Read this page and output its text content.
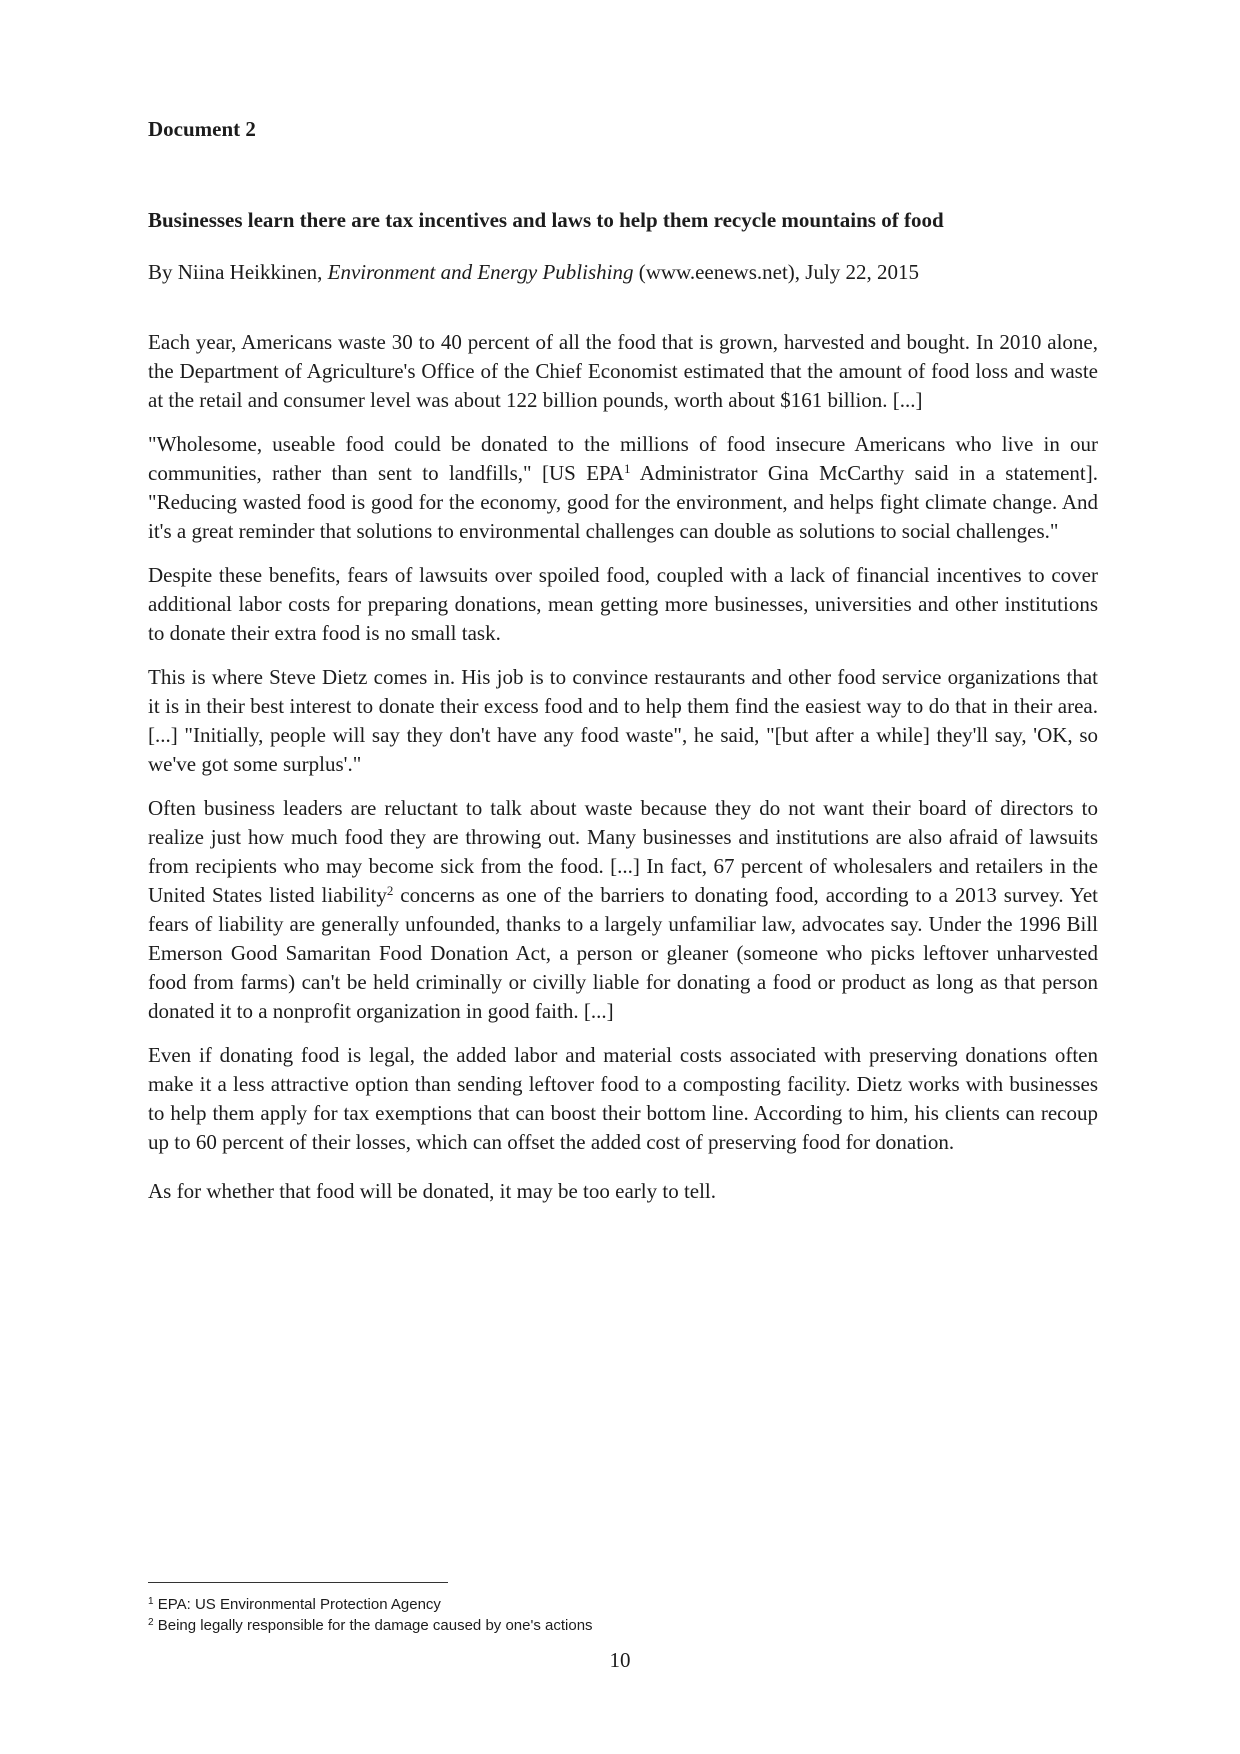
Document 2
Businesses learn there are tax incentives and laws to help them recycle mountains of food

By Niina Heikkinen, Environment and Energy Publishing (www.eenews.net), July 22, 2015

Each year, Americans waste 30 to 40 percent of all the food that is grown, harvested and bought. In 2010 alone, the Department of Agriculture's Office of the Chief Economist estimated that the amount of food loss and waste at the retail and consumer level was about 122 billion pounds, worth about $161 billion. [...]

"Wholesome, useable food could be donated to the millions of food insecure Americans who live in our communities, rather than sent to landfills," [US EPA$^1$ Administrator Gina McCarthy said in a statement]. "Reducing wasted food is good for the economy, good for the environment, and helps fight climate change. And it's a great reminder that solutions to environmental challenges can double as solutions to social challenges."

Despite these benefits, fears of lawsuits over spoiled food, coupled with a lack of financial incentives to cover additional labor costs for preparing donations, mean getting more businesses, universities and other institutions to donate their extra food is no small task.

This is where Steve Dietz comes in. His job is to convince restaurants and other food service organizations that it is in their best interest to donate their excess food and to help them find the easiest way to do that in their area. [...] "Initially, people will say they don't have any food waste", he said, "[but after a while] they'll say, 'OK, so we've got some surplus'."

Often business leaders are reluctant to talk about waste because they do not want their board of directors to realize just how much food they are throwing out. Many businesses and institutions are also afraid of lawsuits from recipients who may become sick from the food. [...] In fact, 67 percent of wholesalers and retailers in the United States listed liability$^2$ concerns as one of the barriers to donating food, according to a 2013 survey. Yet fears of liability are generally unfounded, thanks to a largely unfamiliar law, advocates say. Under the 1996 Bill Emerson Good Samaritan Food Donation Act, a person or gleaner (someone who picks leftover unharvested food from farms) can't be held criminally or civilly liable for donating a food or product as long as that person donated it to a nonprofit organization in good faith. [...]

Even if donating food is legal, the added labor and material costs associated with preserving donations often make it a less attractive option than sending leftover food to a composting facility. Dietz works with businesses to help them apply for tax exemptions that can boost their bottom line. According to him, his clients can recoup up to 60 percent of their losses, which can offset the added cost of preserving food for donation.

As for whether that food will be donated, it may be too early to tell.

$^1$ EPA: US Environmental Protection Agency
$^2$ Being legally responsible for the damage caused by one's actions

10
